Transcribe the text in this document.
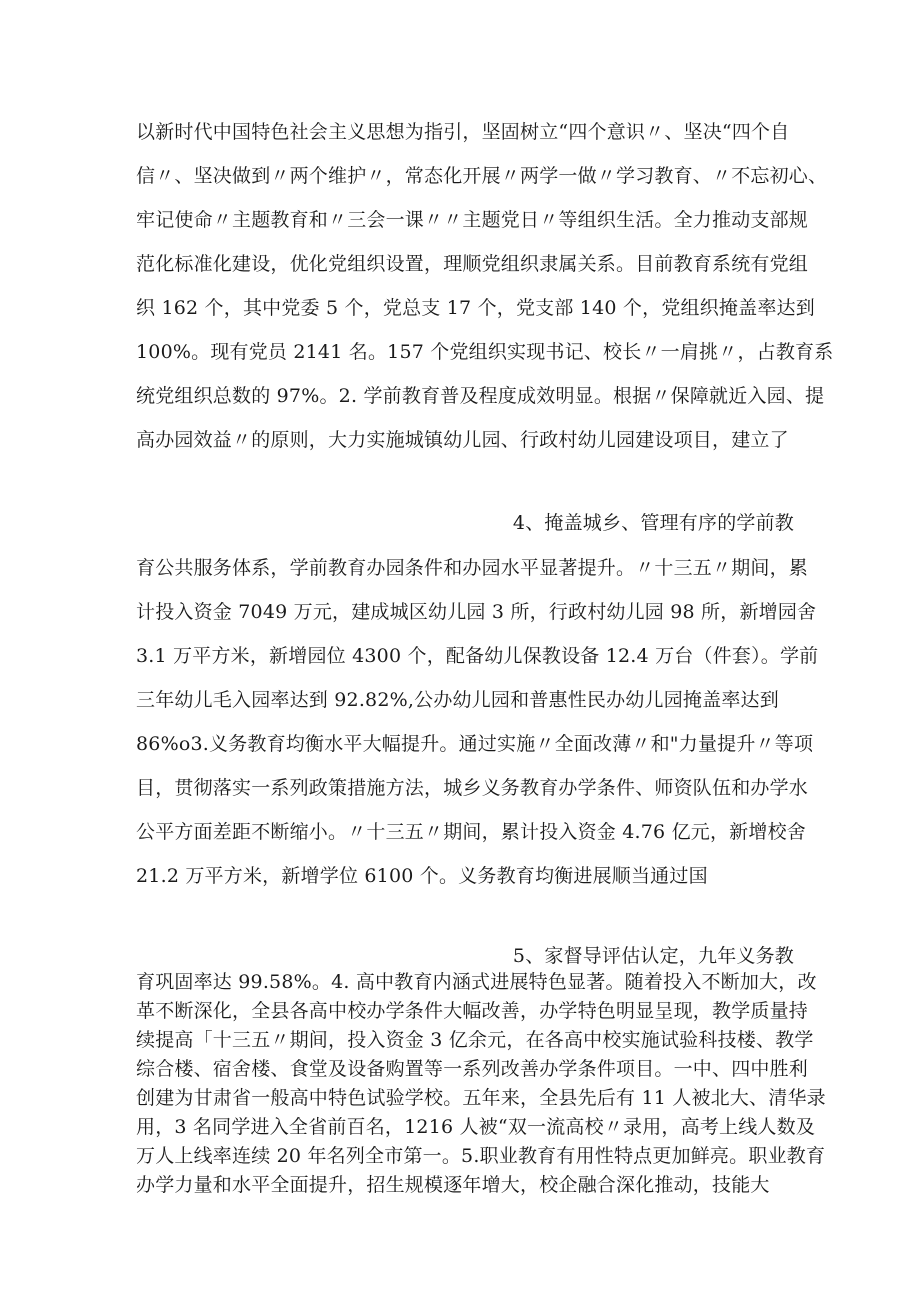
以新时代中国特色社会主义思想为指引，坚固树立“四个意识〃、坚决“四个自
信〃、坚决做到〃两个维护〃，常态化开展〃两学一做〃学习教育、〃不忘初心、
牢记使命〃主题教育和〃三会一课〃〃主题党日〃等组织生活。全力推动支部规
范化标准化建设，优化党组织设置，理顺党组织隶属关系。目前教育系统有党组
织 162 个，其中党委 5 个，党总支 17 个，党支部 140 个，党组织掩盖率达到
100%。现有党员 2141 名。157 个党组织实现书记、校长〃一肩挑〃，占教育系
统党组织总数的 97%。2. 学前教育普及程度成效明显。根据〃保障就近入园、提
高办园效益〃的原则，大力实施城镇幼儿园、行政村幼儿园建设项目，建立了
4、掩盖城乡、管理有序的学前教
育公共服务体系，学前教育办园条件和办园水平显著提升。〃十三五〃期间，累
计投入资金 7049 万元，建成城区幼儿园 3 所，行政村幼儿园 98 所，新增园舍
3.1 万平方米，新增园位 4300 个，配备幼儿保教设备 12.4 万台（件套）。学前
三年幼儿毛入园率达到 92.82%,公办幼儿园和普惠性民办幼儿园掩盖率达到
86%o3.义务教育均衡水平大幅提升。通过实施〃全面改薄〃和"力量提升〃等项
目，贯彻落实一系列政策措施方法，城乡义务教育办学条件、师资队伍和办学水
公平方面差距不断缩小。〃十三五〃期间，累计投入资金 4.76 亿元，新增校舍
21.2 万平方米，新增学位 6100 个。义务教育均衡进展顺当通过国
5、家督导评估认定，九年义务教
育巩固率达 99.58%。4. 高中教育内涵式进展特色显著。随着投入不断加大，改
革不断深化，全县各高中校办学条件大幅改善，办学特色明显呈现，教学质量持
续提高「十三五〃期间，投入资金 3 亿余元，在各高中校实施试验科技楼、教学
综合楼、宿舍楼、食堂及设备购置等一系列改善办学条件项目。一中、四中胜利
创建为甘肃省一般高中特色试验学校。五年来，全县先后有 11 人被北大、清华录
用，3 名同学进入全省前百名，1216 人被“双一流高校〃录用，高考上线人数及
万人上线率连续 20 年名列全市第一。5.职业教育有用性特点更加鲜亮。职业教育
办学力量和水平全面提升，招生规模逐年增大，校企融合深化推动，技能大
